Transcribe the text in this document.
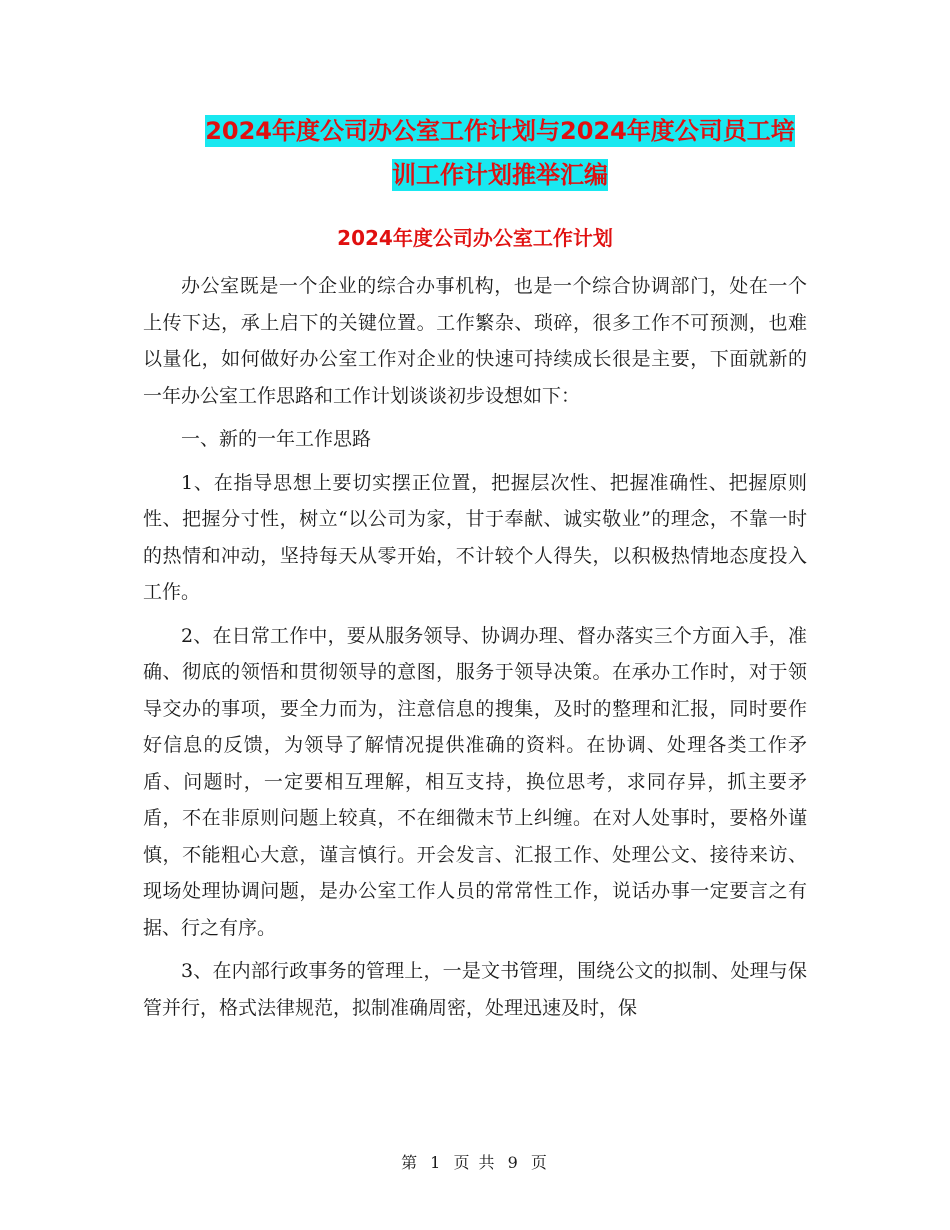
2024年度公司办公室工作计划与2024年度公司员工培
训工作计划推举汇编
2024年度公司办公室工作计划

办公室既是一个企业的综合办事机构，也是一个综合协调部门，处在一个上传下达，承上启下的关键位置。工作繁杂、琐碎，很多工作不可预测，也难以量化，如何做好办公室工作对企业的快速可持续成长很是主要，下面就新的一年办公室工作思路和工作计划谈谈初步设想如下：

一、新的一年工作思路

1、在指导思想上要切实摆正位置，把握层次性、把握准确性、把握原则性、把握分寸性，树立“以公司为家，甘于奉献、诚实敬业”的理念，不靠一时的热情和冲动，坚持每天从零开始，不计较个人得失，以积极热情地态度投入工作。

2、在日常工作中，要从服务领导、协调办理、督办落实三个方面入手，准确、彻底的领悟和贯彻领导的意图，服务于领导决策。在承办工作时，对于领导交办的事项，要全力而为，注意信息的搜集，及时的整理和汇报，同时要作好信息的反馈，为领导了解情况提供准确的资料。在协调、处理各类工作矛盾、问题时，一定要相互理解，相互支持，换位思考，求同存异，抓主要矛盾，不在非原则问题上较真，不在细微末节上纠缠。在对人处事时，要格外谨慎，不能粗心大意，谨言慎行。开会发言、汇报工作、处理公文、接待来访、现场处理协调问题，是办公室工作人员的常常性工作，说话办事一定要言之有据、行之有序。

3、在内部行政事务的管理上，一是文书管理，围绕公文的拟制、处理与保管并行，格式法律规范，拟制准确周密，处理迅速及时，保

第 1 页 共 9 页
